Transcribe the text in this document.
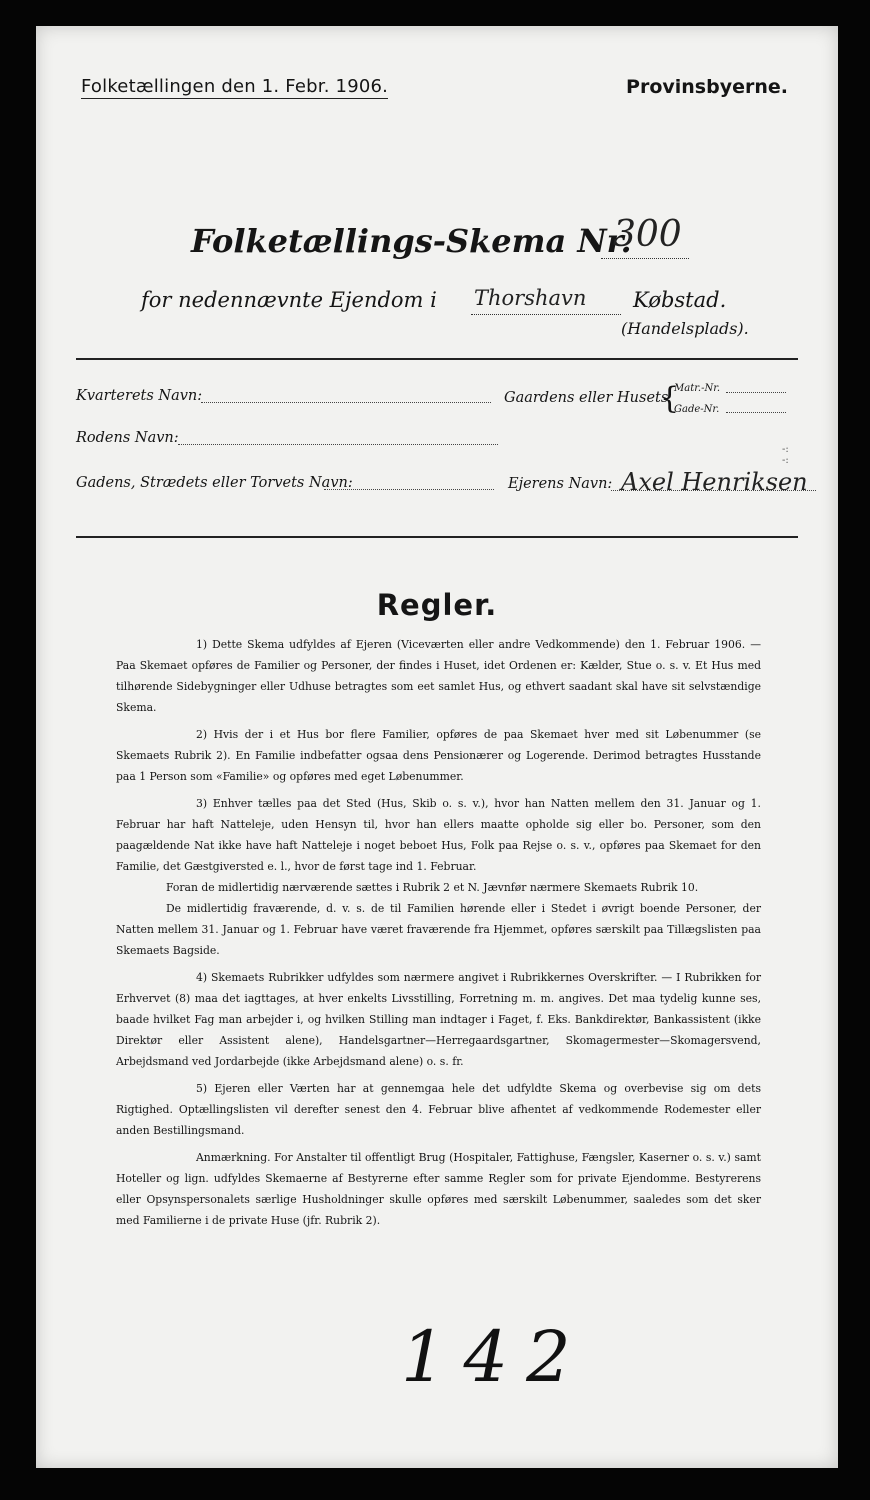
Folketællingen den 1. Febr. 1906.	Provinsbyerne.
Folketællings-Skema Nr.
300
for nedennævnte Ejendom i Thorshavn Købstad.
(Handelsplads).
Kvarterets Navn:	Gaardens eller Husets
{
Matr.-Nr.
Gade-Nr.
-:
-:
Rodens Navn:
Gadens, Strædets eller Torvets Navn:	Ejerens Navn: Axel Henriksen
Regler.

1) Dette Skema udfyldes af Ejeren (Viceværten eller andre Vedkommende) den 1. Februar 1906. — Paa Skemaet opføres de Familier og Personer, der findes i Huset, idet Ordenen er: Kælder, Stue o. s. v. Et Hus med tilhørende Sidebygninger eller Udhuse betragtes som eet samlet Hus, og ethvert saadant skal have sit selvstændige Skema.

2) Hvis der i et Hus bor flere Familier, opføres de paa Skemaet hver med sit Løbenummer (se Skemaets Rubrik 2). En Familie indbefatter ogsaa dens Pensionærer og Logerende. Derimod betragtes Husstande paa 1 Person som «Familie» og opføres med eget Løbenummer.

3) Enhver tælles paa det Sted (Hus, Skib o. s. v.), hvor han Natten mellem den 31. Januar og 1. Februar har haft Natteleje, uden Hensyn til, hvor han ellers maatte opholde sig eller bo. Personer, som den paagældende Nat ikke have haft Natteleje i noget beboet Hus, Folk paa Rejse o. s. v., opføres paa Skemaet for den Familie, det Gæstgiversted e. l., hvor de først tage ind 1. Februar.

Foran de midlertidig nærværende sættes i Rubrik 2 et N. Jævnfør nærmere Skemaets Rubrik 10.

De midlertidig fraværende, d. v. s. de til Familien hørende eller i Stedet i øvrigt boende Personer, der Natten mellem 31. Januar og 1. Februar have været fraværende fra Hjemmet, opføres særskilt paa Tillægslisten paa Skemaets Bagside.

4) Skemaets Rubrikker udfyldes som nærmere angivet i Rubrikkernes Overskrifter. — I Rubrikken for Erhvervet (8) maa det iagttages, at hver enkelts Livsstilling, Forretning m. m. angives. Det maa tydelig kunne ses, baade hvilket Fag man arbejder i, og hvilken Stilling man indtager i Faget, f. Eks. Bankdirektør, Bankassistent (ikke Direktør eller Assistent alene), Handelsgartner—Herregaardsgartner, Skomagermester—Skomagersvend, Arbejdsmand ved Jordarbejde (ikke Arbejdsmand alene) o. s. fr.

5) Ejeren eller Værten har at gennemgaa hele det udfyldte Skema og overbevise sig om dets Rigtighed. Optællingslisten vil derefter senest den 4. Februar blive afhentet af vedkommende Rodemester eller anden Bestillingsmand.

Anmærkning. For Anstalter til offentligt Brug (Hospitaler, Fattighuse, Fængsler, Kaserner o. s. v.) samt Hoteller og lign. udfyldes Skemaerne af Bestyrerne efter samme Regler som for private Ejendomme. Bestyrerens eller Opsynspersonalets særlige Husholdninger skulle opføres med særskilt Løbenummer, saaledes som det sker med Familierne i de private Huse (jfr. Rubrik 2).

142
